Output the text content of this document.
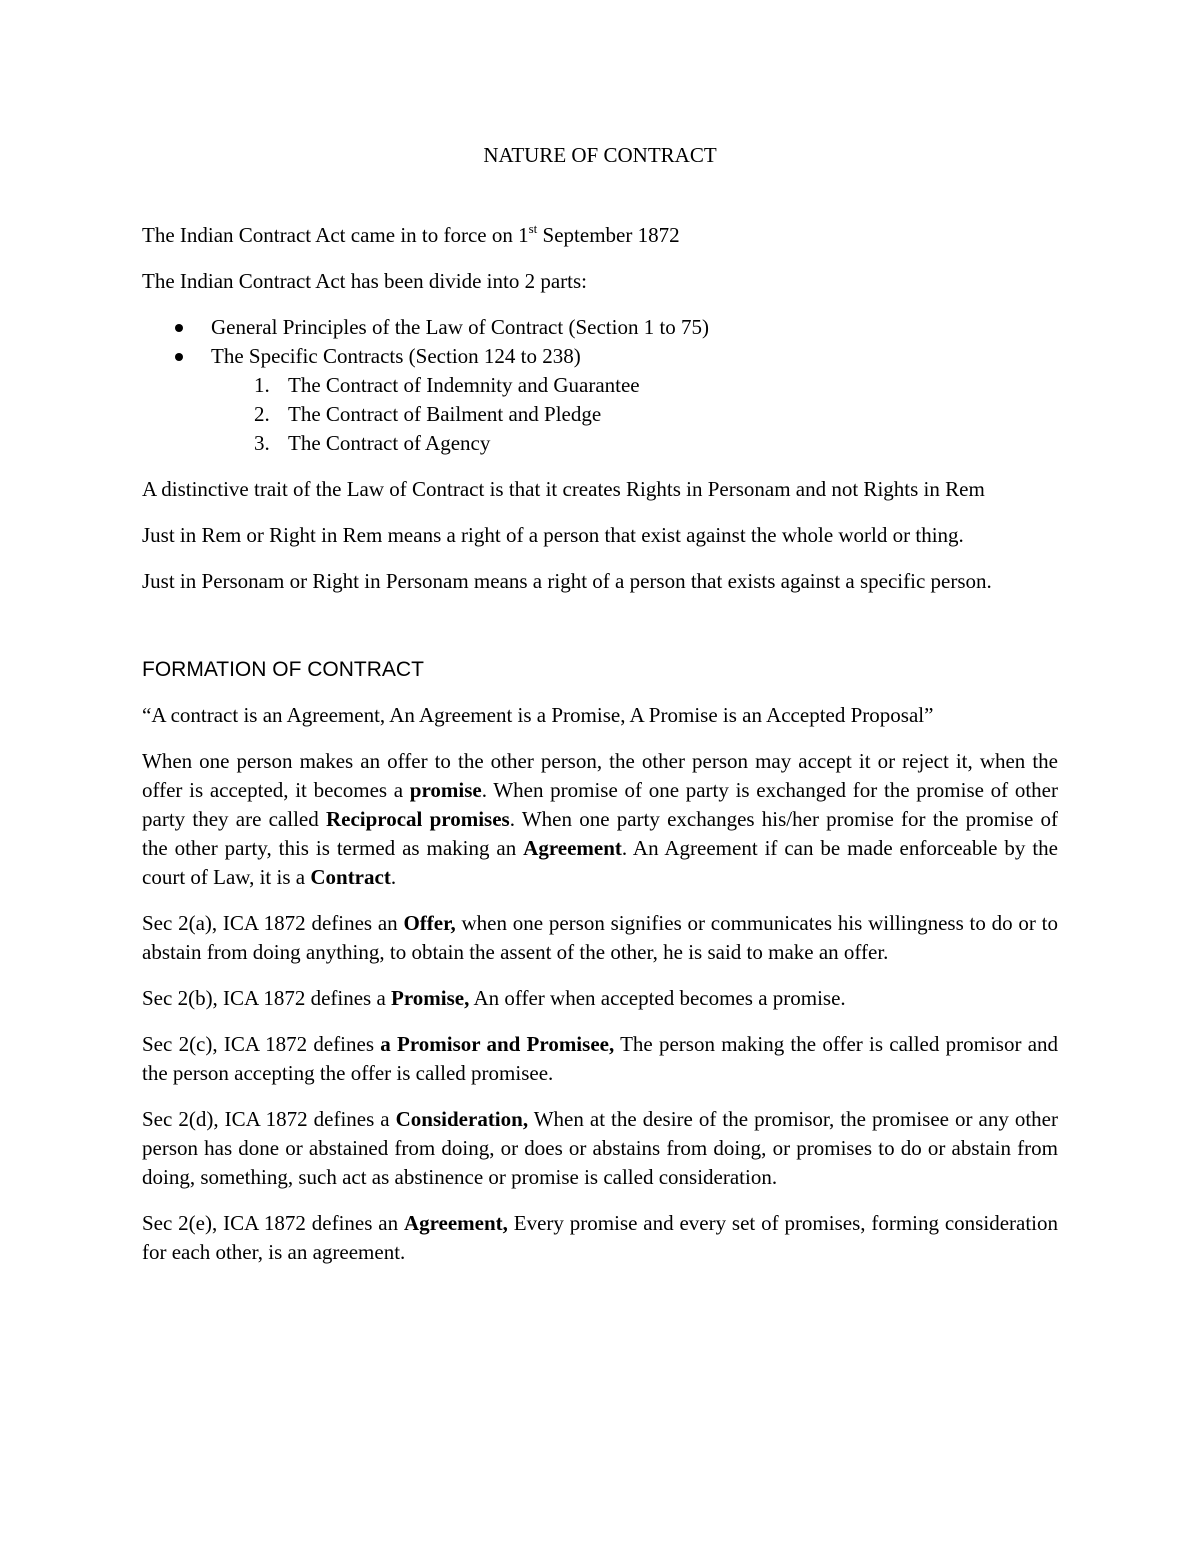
NATURE OF CONTRACT

The Indian Contract Act came in to force on 1st September 1872

The Indian Contract Act has been divide into 2 parts:

General Principles of the Law of Contract (Section 1 to 75)
The Specific Contracts (Section 124 to 238)
1. The Contract of Indemnity and Guarantee
2. The Contract of Bailment and Pledge
3. The Contract of Agency

A distinctive trait of the Law of Contract is that it creates Rights in Personam and not Rights in Rem

Just in Rem or Right in Rem means a right of a person that exist against the whole world or thing.

Just in Personam or Right in Personam means a right of a person that exists against a specific person.

FORMATION OF CONTRACT

“A contract is an Agreement, An Agreement is a Promise, A Promise is an Accepted Proposal”

When one person makes an offer to the other person, the other person may accept it or reject it, when the offer is accepted, it becomes a promise. When promise of one party is exchanged for the promise of other party they are called Reciprocal promises. When one party exchanges his/her promise for the promise of the other party, this is termed as making an Agreement. An Agreement if can be made enforceable by the court of Law, it is a Contract.

Sec 2(a), ICA 1872 defines an Offer, when one person signifies or communicates his willingness to do or to abstain from doing anything, to obtain the assent of the other, he is said to make an offer.

Sec 2(b), ICA 1872 defines a Promise, An offer when accepted becomes a promise.

Sec 2(c), ICA 1872 defines a Promisor and Promisee, The person making the offer is called promisor and the person accepting the offer is called promisee.

Sec 2(d), ICA 1872 defines a Consideration, When at the desire of the promisor, the promisee or any other person has done or abstained from doing, or does or abstains from doing, or promises to do or abstain from doing, something, such act as abstinence or promise is called consideration.

Sec 2(e), ICA 1872 defines an Agreement, Every promise and every set of promises, forming consideration for each other, is an agreement.
